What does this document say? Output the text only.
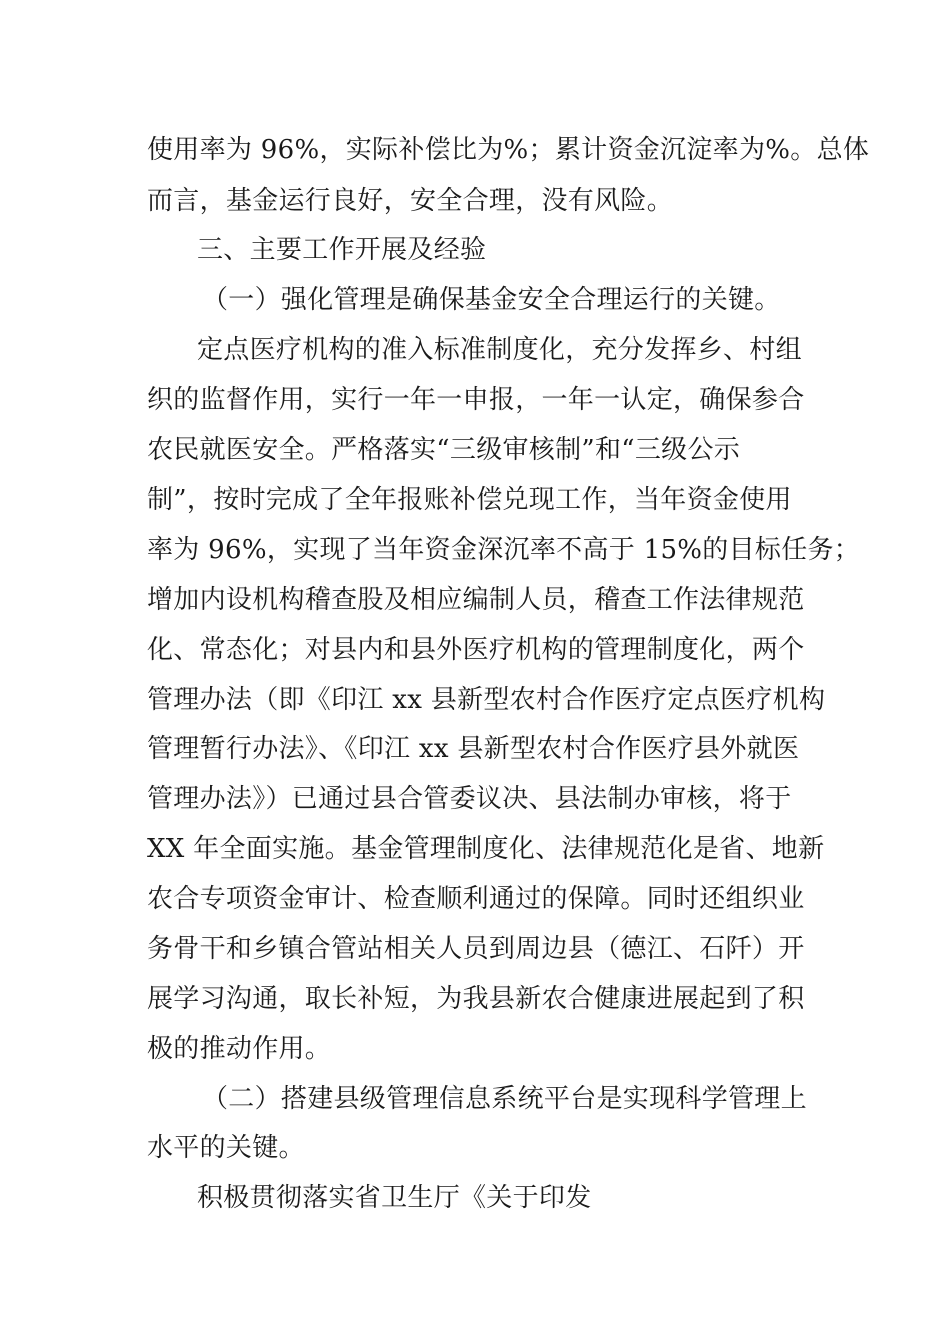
使用率为 96%，实际补偿比为%；累计资金沉淀率为%。总体
而言，基金运行良好，安全合理，没有风险。
三、主要工作开展及经验
（一）强化管理是确保基金安全合理运行的关键。
定点医疗机构的准入标准制度化，充分发挥乡、村组
织的监督作用，实行一年一申报，一年一认定，确保参合
农民就医安全。严格落实“三级审核制”和“三级公示
制”，按时完成了全年报账补偿兑现工作，当年资金使用
率为 96%，实现了当年资金深沉率不高于 15%的目标任务；
增加内设机构稽查股及相应编制人员，稽查工作法律规范
化、常态化；对县内和县外医疗机构的管理制度化，两个
管理办法（即《印江 xx 县新型农村合作医疗定点医疗机构
管理暂行办法》、《印江 xx 县新型农村合作医疗县外就医
管理办法》）已通过县合管委议决、县法制办审核，将于
XX 年全面实施。基金管理制度化、法律规范化是省、地新
农合专项资金审计、检查顺利通过的保障。同时还组织业
务骨干和乡镇合管站相关人员到周边县（德江、石阡）开
展学习沟通，取长补短，为我县新农合健康进展起到了积
极的推动作用。
（二）搭建县级管理信息系统平台是实现科学管理上
水平的关键。
积极贯彻落实省卫生厅《关于印发
